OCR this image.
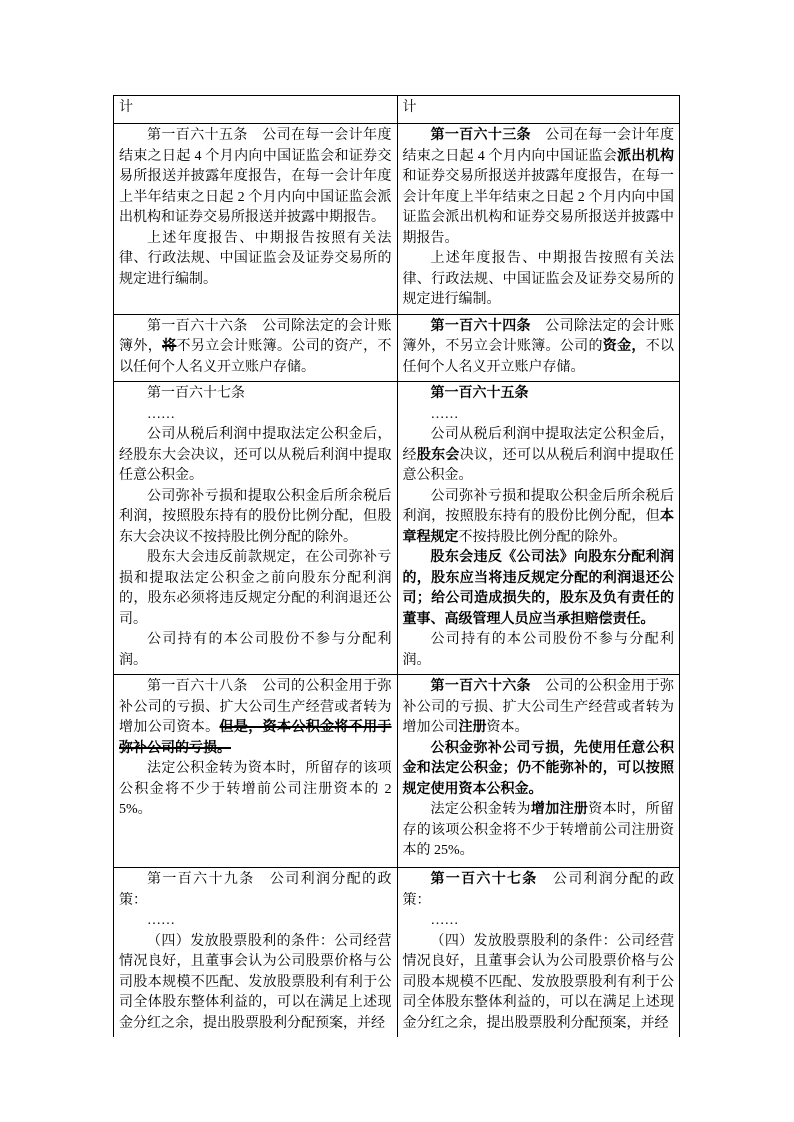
计	计

第一百六十五条　公司在每一会计年度结束之日起 4 个月内向中国证监会和证券交易所报送并披露年度报告，在每一会计年度上半年结束之日起 2 个月内向中国证监会派出机构和证券交易所报送并披露中期报告。

上述年度报告、中期报告按照有关法律、行政法规、中国证监会及证券交易所的规定进行编制。

第一百六十三条　公司在每一会计年度结束之日起 4 个月内向中国证监会派出机构和证券交易所报送并披露年度报告，在每一会计年度上半年结束之日起 2 个月内向中国证监会派出机构和证券交易所报送并披露中期报告。

上述年度报告、中期报告按照有关法律、行政法规、中国证监会及证券交易所的规定进行编制。

第一百六十六条　公司除法定的会计账簿外，将不另立会计账簿。公司的资产，不以任何个人名义开立账户存储。

第一百六十四条　公司除法定的会计账簿外，不另立会计账簿。公司的资金，不以任何个人名义开立账户存储。

第一百六十七条

……

公司从税后利润中提取法定公积金后，经股东大会决议，还可以从税后利润中提取任意公积金。

公司弥补亏损和提取公积金后所余税后利润，按照股东持有的股份比例分配，但股东大会决议不按持股比例分配的除外。

股东大会违反前款规定，在公司弥补亏损和提取法定公积金之前向股东分配利润的，股东必须将违反规定分配的利润退还公司。

公司持有的本公司股份不参与分配利润。

第一百六十五条

……

公司从税后利润中提取法定公积金后，经股东会决议，还可以从税后利润中提取任意公积金。

公司弥补亏损和提取公积金后所余税后利润，按照股东持有的股份比例分配，但本章程规定不按持股比例分配的除外。

股东会违反《公司法》向股东分配利润的，股东应当将违反规定分配的利润退还公司；给公司造成损失的，股东及负有责任的董事、高级管理人员应当承担赔偿责任。

公司持有的本公司股份不参与分配利润。

第一百六十八条　公司的公积金用于弥补公司的亏损、扩大公司生产经营或者转为增加公司资本。但是，资本公积金将不用于弥补公司的亏损。

法定公积金转为资本时，所留存的该项公积金将不少于转增前公司注册资本的 25%。

第一百六十六条　公司的公积金用于弥补公司的亏损、扩大公司生产经营或者转为增加公司注册资本。

公积金弥补公司亏损，先使用任意公积金和法定公积金；仍不能弥补的，可以按照规定使用资本公积金。

法定公积金转为增加注册资本时，所留存的该项公积金将不少于转增前公司注册资本的 25%。

第一百六十九条　公司利润分配的政策：

……

（四）发放股票股利的条件：公司经营情况良好，且董事会认为公司股票价格与公司股本规模不匹配、发放股票股利有利于公司全体股东整体利益的，可以在满足上述现金分红之余，提出股票股利分配预案，并经

第一百六十七条　公司利润分配的政策：

……

（四）发放股票股利的条件：公司经营情况良好，且董事会认为公司股票价格与公司股本规模不匹配、发放股票股利有利于公司全体股东整体利益的，可以在满足上述现金分红之余，提出股票股利分配预案，并经
